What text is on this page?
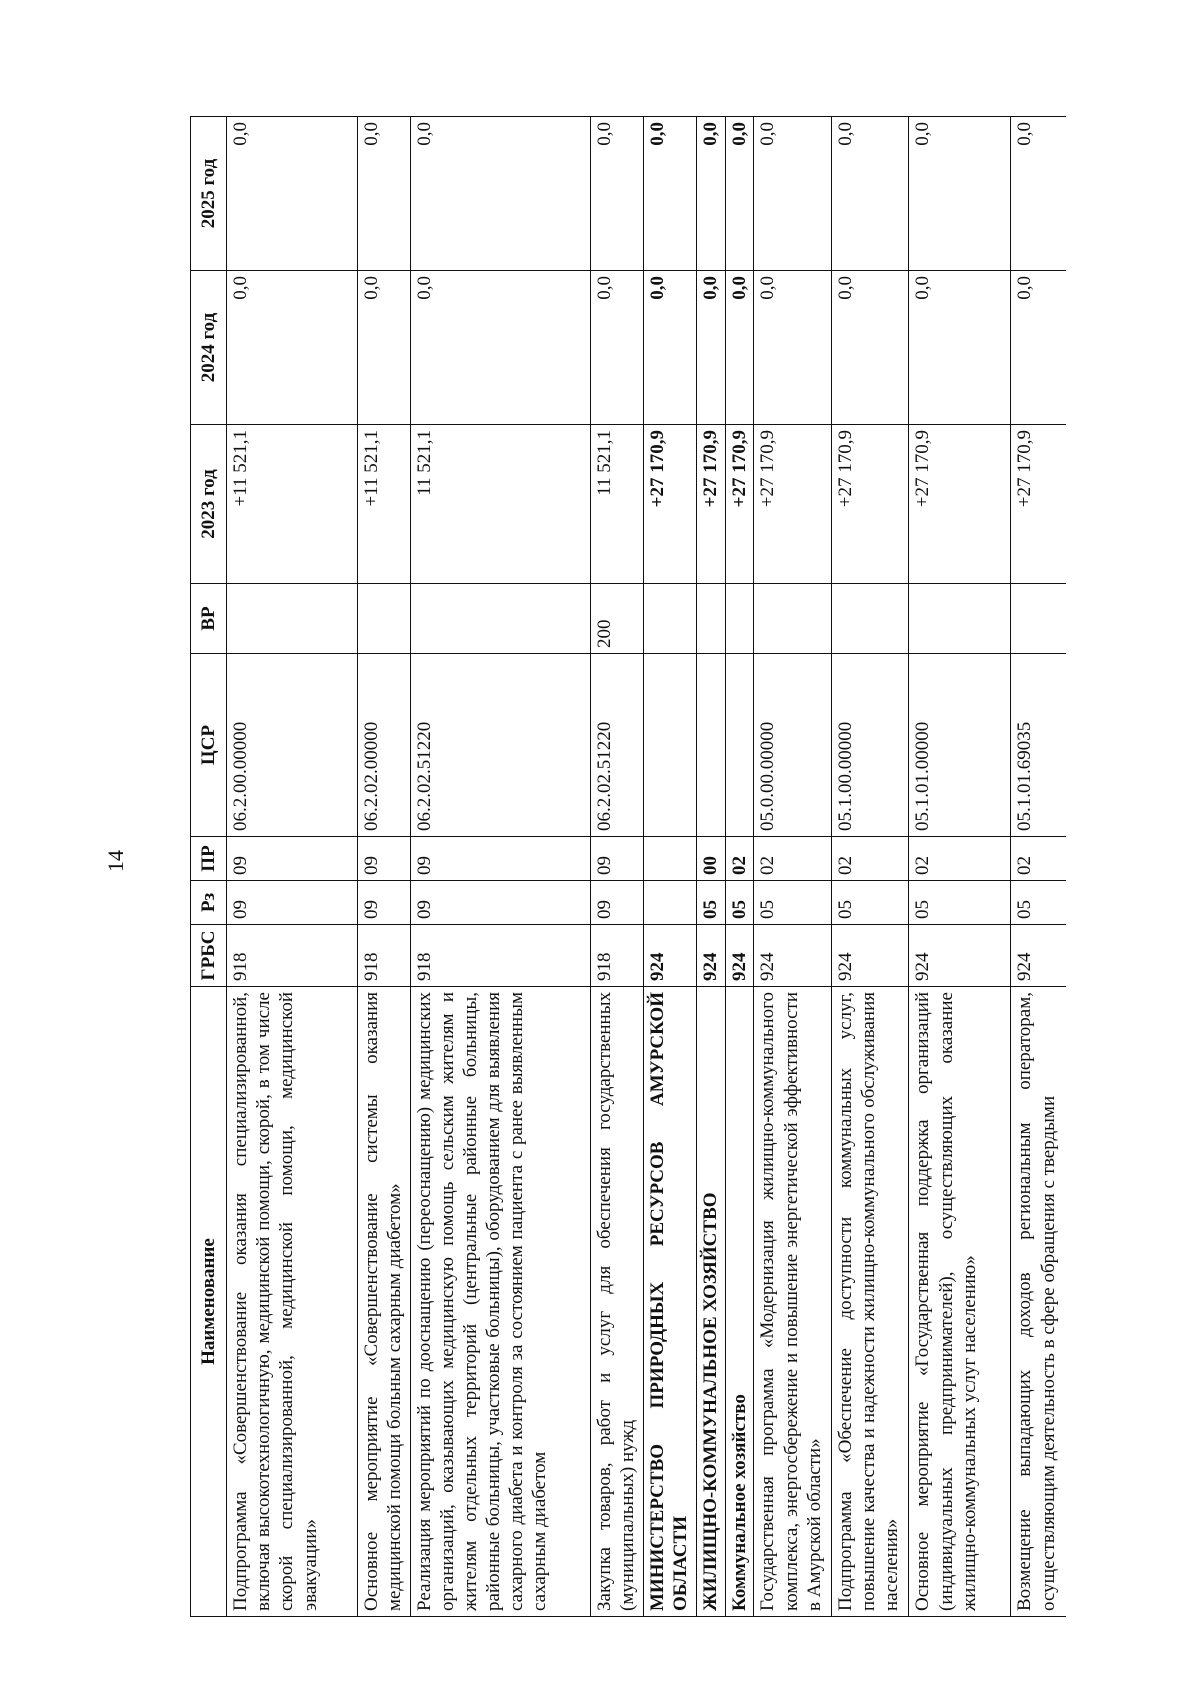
14
Наименование	ГРБС	Рз	ПР	ЦСР	ВР	2023 год	2024 год	2025 год
Подпрограмма «Совершенствование оказания специализированной, включая высокотехнологичную, медицинской помощи, скорой, в том числе скорой специализированной, медицинской помощи, медицинской эвакуации»	918	09	09	06.2.00.00000		+11 521,1	0,0	0,0
Основное мероприятие «Совершенствование системы оказания медицинской помощи больным сахарным диабетом»	918	09	09	06.2.02.00000		+11 521,1	0,0	0,0
Реализация мероприятий по дооснащению (переоснащению) медицинских организаций, оказывающих медицинскую помощь сельским жителям и жителям отдельных территорий (центральные районные больницы, районные больницы, участковые больницы), оборудованием для выявления сахарного диабета и контроля за состоянием пациента с ранее выявленным сахарным диабетом	918	09	09	06.2.02.51220		11 521,1	0,0	0,0
Закупка товаров, работ и услуг для обеспечения государственных (муниципальных) нужд	918	09	09	06.2.02.51220	200	11 521,1	0,0	0,0
МИНИСТЕРСТВО ПРИРОДНЫХ РЕСУРСОВ АМУРСКОЙ ОБЛАСТИ	924					+27 170,9	0,0	0,0
ЖИЛИЩНО-КОММУНАЛЬНОЕ ХОЗЯЙСТВО	924	05	00			+27 170,9	0,0	0,0
Коммунальное хозяйство	924	05	02			+27 170,9	0,0	0,0
Государственная программа «Модернизация жилищно-коммунального комплекса, энергосбережение и повышение энергетической эффективности в Амурской области»	924	05	02	05.0.00.00000		+27 170,9	0,0	0,0
Подпрограмма «Обеспечение доступности коммунальных услуг, повышение качества и надежности жилищно-коммунального обслуживания населения»	924	05	02	05.1.00.00000		+27 170,9	0,0	0,0
Основное мероприятие «Государственная поддержка организаций (индивидуальных предпринимателей), осуществляющих оказание жилищно-коммунальных услуг населению»	924	05	02	05.1.01.00000		+27 170,9	0,0	0,0
Возмещение выпадающих доходов региональным операторам, осуществляющим деятельность в сфере обращения с твердыми	924	05	02	05.1.01.69035		+27 170,9	0,0	0,0
